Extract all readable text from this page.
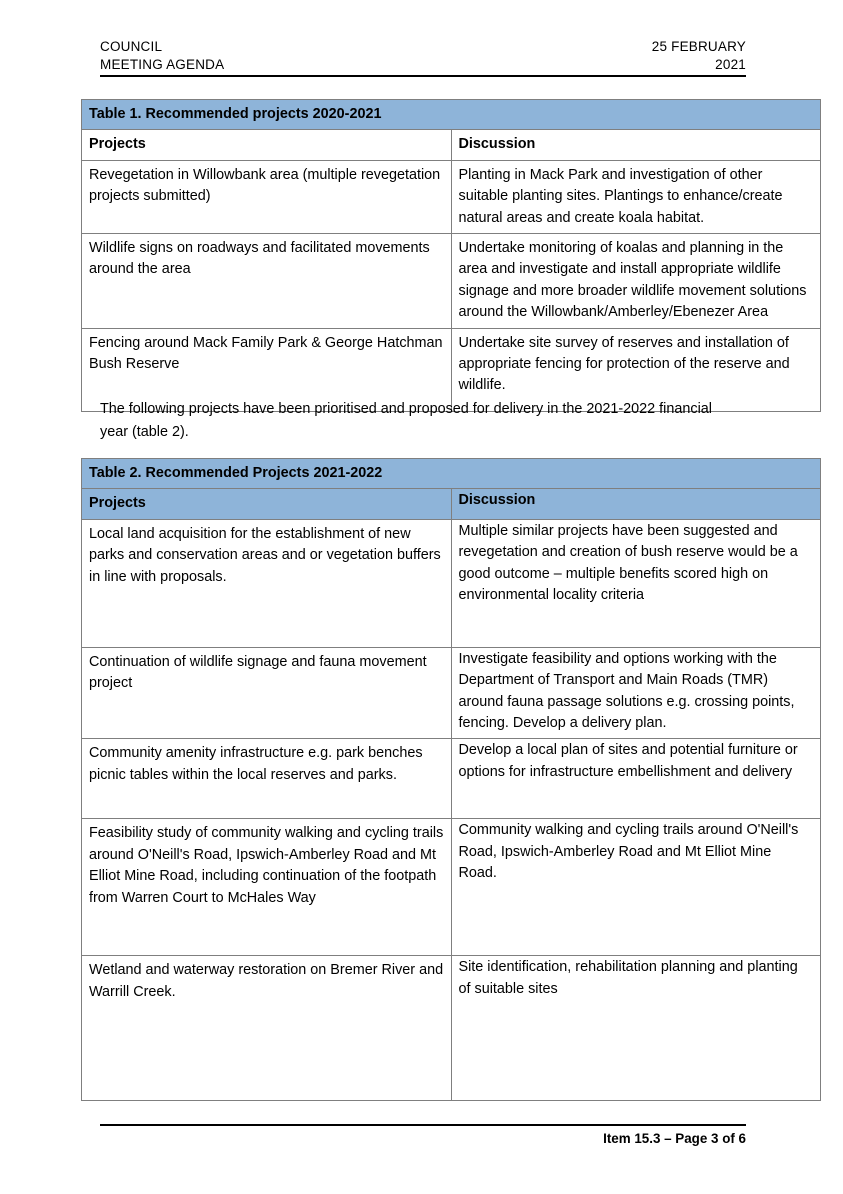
COUNCIL	25 FEBRUARY
MEETING AGENDA	2021
Table 1. Recommended projects 2020-2021	
Projects	Discussion
Revegetation in Willowbank area (multiple revegetation projects submitted)	Planting in Mack Park and investigation of other suitable planting sites. Plantings to enhance/create natural areas and create koala habitat.
Wildlife signs on roadways and facilitated movements around the area	Undertake monitoring of koalas and planning in the area and investigate and install appropriate wildlife signage and more broader wildlife movement solutions around the Willowbank/Amberley/Ebenezer Area
Fencing around Mack Family Park & George Hatchman Bush Reserve	Undertake site survey of reserves and installation of appropriate fencing for protection of the reserve and wildlife.
The following projects have been prioritised and proposed for delivery in the 2021-2022 financial year (table 2).
Table 2. Recommended Projects 2021-2022	
Projects	Discussion
Local land acquisition for the establishment of new parks and conservation areas and or vegetation buffers in line with proposals.	Multiple similar projects have been suggested and revegetation and creation of bush reserve would be a good outcome – multiple benefits scored high on environmental locality criteria
Continuation of wildlife signage and fauna movement project	Investigate feasibility and options working with the Department of Transport and Main Roads (TMR) around fauna passage solutions e.g. crossing points, fencing. Develop a delivery plan.
Community amenity infrastructure e.g. park benches picnic tables within the local reserves and parks.	Develop a local plan of sites and potential furniture or options for infrastructure embellishment and delivery
Feasibility study of community walking and cycling trails around O'Neill's Road, Ipswich-Amberley Road and Mt Elliot Mine Road, including continuation of the footpath from Warren Court to McHales Way	Community walking and cycling trails around O'Neill's Road, Ipswich-Amberley Road and Mt Elliot Mine Road.
Wetland and waterway restoration on Bremer River and Warrill Creek.	Site identification, rehabilitation planning and planting of suitable sites
Item 15.3 – Page 3 of 6
